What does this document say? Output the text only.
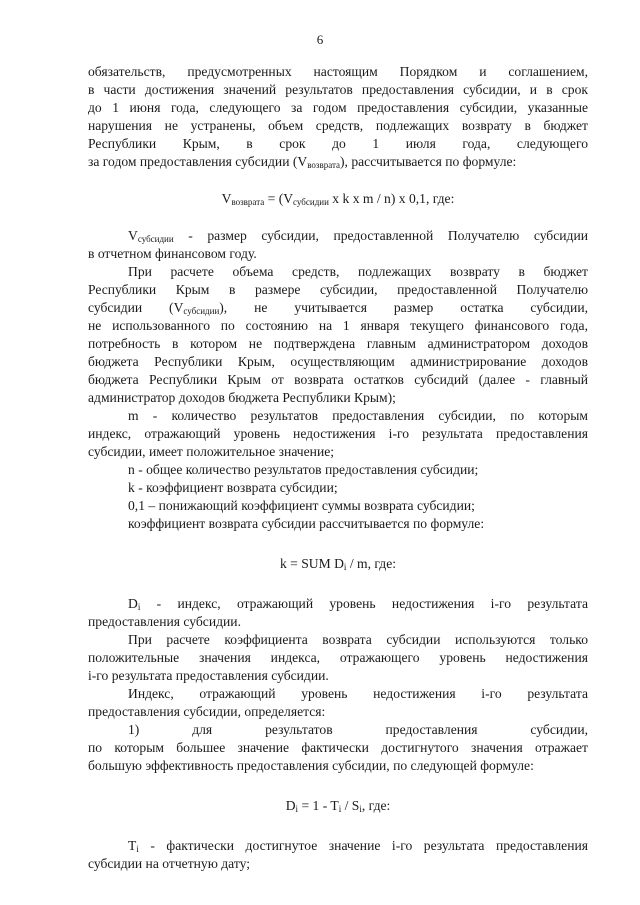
6

обязательств, предусмотренных настоящим Порядком и соглашением,

в части достижения значений результатов предоставления субсидии, и в срок

до 1 июня года, следующего за годом предоставления субсидии, указанные

нарушения не устранены, объем средств, подлежащих возврату в бюджет

Республики Крым, в срок до 1 июля года, следующего

за годом предоставления субсидии $(V_{возврата})$, рассчитывается по формуле:

$V_{возврата} = (V_{субсидии}$ x k x m / n) x 0,1, где:

$V_{субсидии}$ - размер субсидии, предоставленной Получателю субсидии

в отчетном финансовом году.

При расчете объема средств, подлежащих возврату в бюджет

Республики Крым в размере субсидии, предоставленной Получателю

субсидии $(V_{субсидии})$, не учитывается размер остатка субсидии,

не использованного по состоянию на 1 января текущего финансового года,

потребность в котором не подтверждена главным администратором доходов

бюджета Республики Крым, осуществляющим администрирование доходов

бюджета Республики Крым от возврата остатков субсидий (далее - главный

администратор доходов бюджета Республики Крым);

m - количество результатов предоставления субсидии, по которым

индекс, отражающий уровень недостижения i-го результата предоставления

субсидии, имеет положительное значение;

n - общее количество результатов предоставления субсидии;

k - коэффициент возврата субсидии;

0,1 – понижающий коэффициент суммы возврата субсидии;

коэффициент возврата субсидии рассчитывается по формуле:

k = SUM $D_i$ / m, где:

$D_i$ - индекс, отражающий уровень недостижения i-го результата

предоставления субсидии.

При расчете коэффициента возврата субсидии используются только

положительные значения индекса, отражающего уровень недостижения

i-го результата предоставления субсидии.

Индекс, отражающий уровень недостижения i-го результата

предоставления субсидии, определяется:

1) для результатов предоставления субсидии,

по которым большее значение фактически достигнутого значения отражает

большую эффективность предоставления субсидии, по следующей формуле:

$D_i = 1 - T_i / S_i$, где:

$T_i$ - фактически достигнутое значение i-го результата предоставления

субсидии на отчетную дату;
